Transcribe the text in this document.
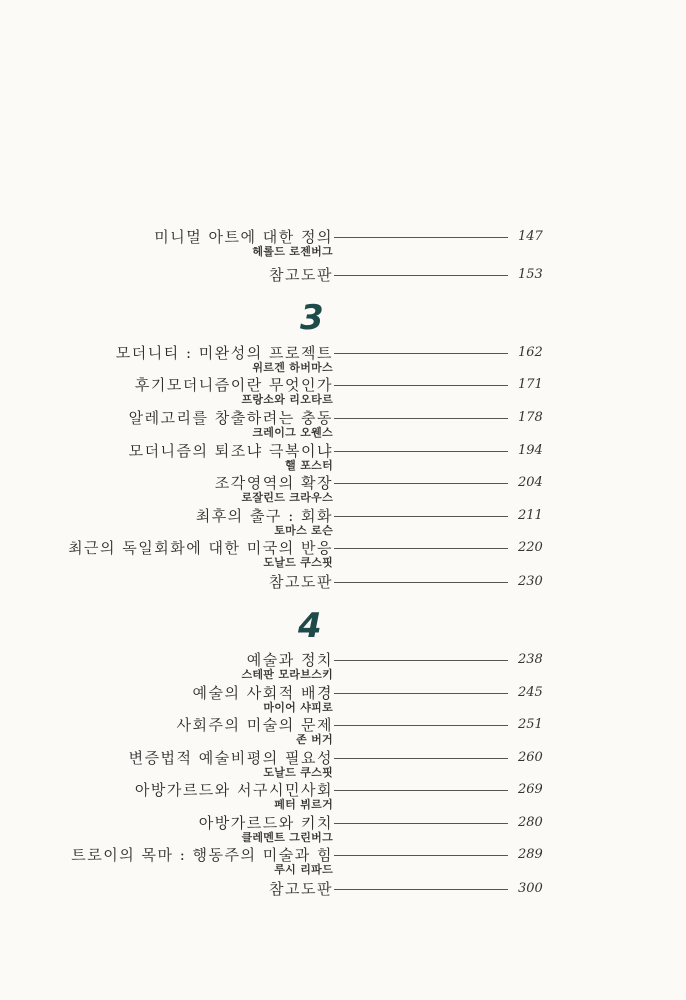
미니멀 아트에 대한 정의	147
헤롤드 로젠버그
참고도판	153
3
모더니티 : 미완성의 프로젝트	162
위르겐 하버마스
후기모더니즘이란 무엇인가	171
프랑소와 리오타르
알레고리를 창출하려는 충동	178
크레이그 오웬스
모더니즘의 퇴조냐 극복이냐	194
핼 포스터
조각영역의 확장	204
로잘린드 크라우스
최후의 출구 : 회화	211
토마스 로슨
최근의 독일회화에 대한 미국의 반응	220
도날드 쿠스핏
참고도판	230
4
예술과 정치	238
스테판 모라브스키
예술의 사회적 배경	245
마이어 샤피로
사회주의 미술의 문제	251
존 버거
변증법적 예술비평의 필요성	260
도날드 쿠스핏
아방가르드와 서구시민사회	269
페터 뷔르거
아방가르드와 키치	280
클레멘트 그린버그
트로이의 목마 : 행동주의 미술과 힘	289
루시 리파드
참고도판	300
